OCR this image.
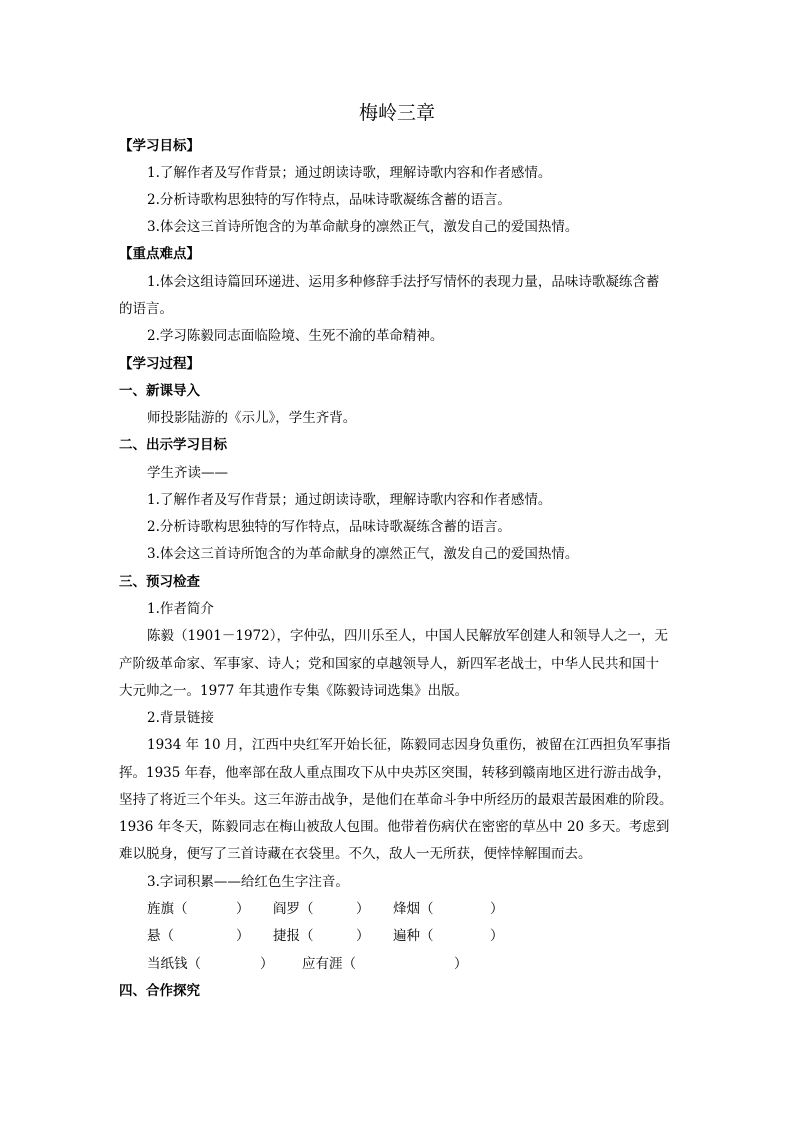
梅岭三章
【学习目标】
1.了解作者及写作背景；通过朗读诗歌，理解诗歌内容和作者感情。
2.分析诗歌构思独特的写作特点，品味诗歌凝练含蓄的语言。
3.体会这三首诗所饱含的为革命献身的凛然正气，激发自己的爱国热情。
【重点难点】
1.体会这组诗篇回环递进、运用多种修辞手法抒写情怀的表现力量，品味诗歌凝练含蓄
的语言。
2.学习陈毅同志面临险境、生死不渝的革命精神。
【学习过程】
一、新课导入
师投影陆游的《示儿》，学生齐背。
二、出示学习目标
学生齐读——
1.了解作者及写作背景；通过朗读诗歌，理解诗歌内容和作者感情。
2.分析诗歌构思独特的写作特点，品味诗歌凝练含蓄的语言。
3.体会这三首诗所饱含的为革命献身的凛然正气，激发自己的爱国热情。
三、预习检查
1.作者简介
陈毅（1901－1972），字仲弘，四川乐至人，中国人民解放军创建人和领导人之一，无
产阶级革命家、军事家、诗人；党和国家的卓越领导人，新四军老战士，中华人民共和国十
大元帅之一。1977 年其遗作专集《陈毅诗词选集》出版。
2.背景链接
1934 年 10 月，江西中央红军开始长征，陈毅同志因身负重伤，被留在江西担负军事指
挥。1935 年春，他率部在敌人重点围攻下从中央苏区突围，转移到赣南地区进行游击战争，
坚持了将近三个年头。这三年游击战争，是他们在革命斗争中所经历的最艰苦最困难的阶段。
1936 年冬天，陈毅同志在梅山被敌人包围。他带着伤病伏在密密的草丛中 20 多天。考虑到
难以脱身，便写了三首诗藏在衣袋里。不久，敌人一无所获，便悻悻解围而去。
3.字词积累——给红色生字注音。
旌旗（	） 阎罗（	） 烽烟（	）
悬（	） 捷报（	） 遍种（	）
当纸钱（	） 应有涯（	）
四、合作探究
